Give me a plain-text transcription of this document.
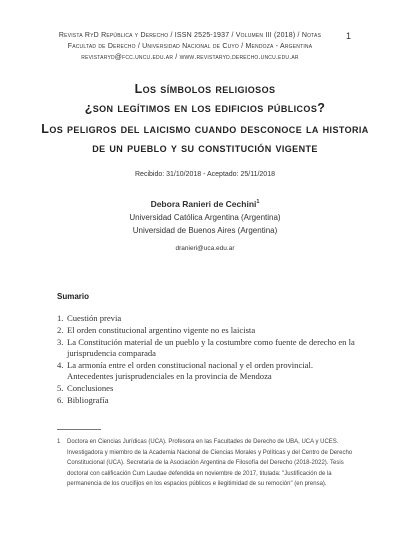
Revista RyD República y Derecho / ISSN 2525-1937 / Volumen III (2018) / Notas
Facultad de Derecho / Universidad Nacional de Cuyo / Mendoza - Argentina
revistaryd@fcc.uncu.edu.ar / www.revistaryd.derecho.uncu.edu.ar
1
Los símbolos religiosos
¿son legítimos en los edificios públicos?
Los peligros del laicismo cuando desconoce la historia de un pueblo y su constitución vigente
Recibido: 31/10/2018 - Aceptado: 25/11/2018
Debora Ranieri de Cechini$^1$
Universidad Católica Argentina (Argentina)
Universidad de Buenos Aires (Argentina)
dranieri@uca.edu.ar
Sumario
1. Cuestión previa
2. El orden constitucional argentino vigente no es laicista
3. La Constitución material de un pueblo y la costumbre como fuente de derecho en la jurisprudencia comparada
4. La armonía entre el orden constitucional nacional y el orden provincial. Antecedentes jurisprudenciales en la provincia de Mendoza
5. Conclusiones
6. Bibliografía
1	Doctora en Ciencias Jurídicas (UCA). Profesora en las Facultades de Derecho de UBA, UCA y UCES. Investigadora y miembro de la Academia Nacional de Ciencias Morales y Políticas y del Centro de Derecho Constitucional (UCA). Secretaria de la Asociación Argentina de Filosofía del Derecho (2018-2022). Tesis doctoral con calificación Cum Laudae defendida en noviembre de 2017, titulada: "Justificación de la permanencia de los crucifijos en los espacios públicos e ilegitimidad de su remoción" (en prensa).
